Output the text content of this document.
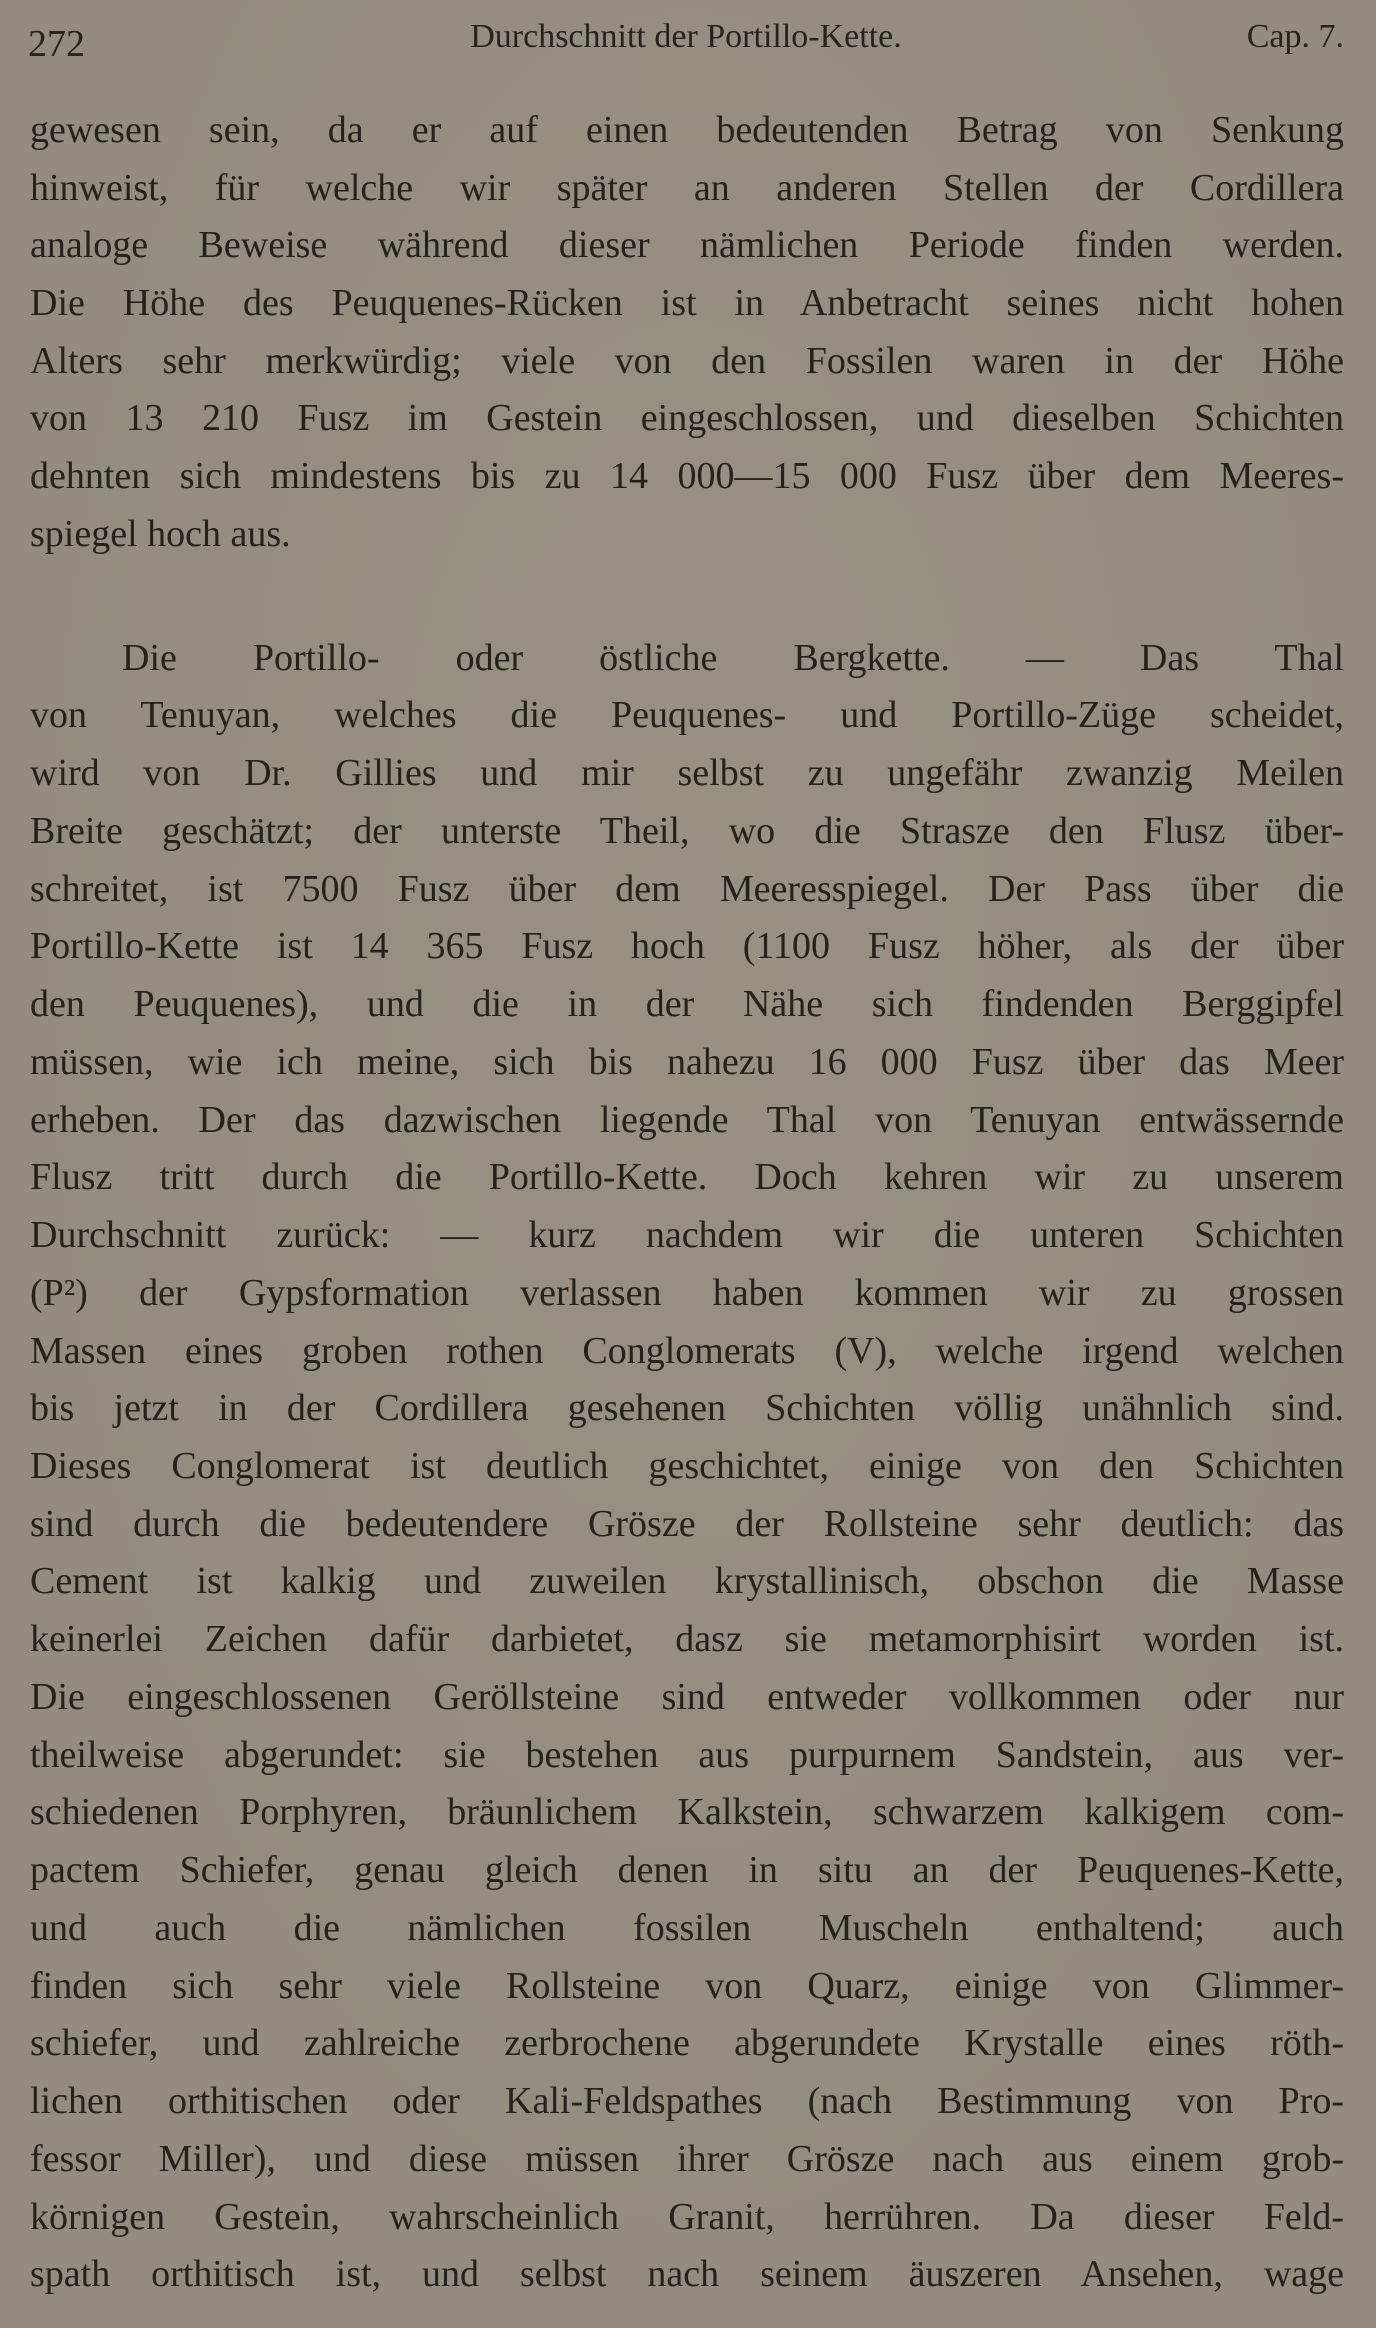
272	Durchschnitt der Portillo-Kette.	Cap. 7.
gewesen sein, da er auf einen bedeutenden Betrag von Senkung
hinweist, für welche wir später an anderen Stellen der Cordillera
analoge Beweise während dieser nämlichen Periode finden werden.
Die Höhe des Peuquenes-Rücken ist in Anbetracht seines nicht hohen
Alters sehr merkwürdig; viele von den Fossilen waren in der Höhe
von 13 210 Fusz im Gestein eingeschlossen, und dieselben Schichten
dehnten sich mindestens bis zu 14 000—15 000 Fusz über dem Meeres-
spiegel hoch aus.
Die Portillo- oder östliche Bergkette. — Das Thal
von Tenuyan, welches die Peuquenes- und Portillo-Züge scheidet,
wird von Dr. Gillies und mir selbst zu ungefähr zwanzig Meilen
Breite geschätzt; der unterste Theil, wo die Strasze den Flusz über-
schreitet, ist 7500 Fusz über dem Meeresspiegel. Der Pass über die
Portillo-Kette ist 14 365 Fusz hoch (1100 Fusz höher, als der über
den Peuquenes), und die in der Nähe sich findenden Berggipfel
müssen, wie ich meine, sich bis nahezu 16 000 Fusz über das Meer
erheben. Der das dazwischen liegende Thal von Tenuyan entwässernde
Flusz tritt durch die Portillo-Kette. Doch kehren wir zu unserem
Durchschnitt zurück: — kurz nachdem wir die unteren Schichten
(P²) der Gypsformation verlassen haben kommen wir zu grossen
Massen eines groben rothen Conglomerats (V), welche irgend welchen
bis jetzt in der Cordillera gesehenen Schichten völlig unähnlich sind.
Dieses Conglomerat ist deutlich geschichtet, einige von den Schichten
sind durch die bedeutendere Grösze der Rollsteine sehr deutlich: das
Cement ist kalkig und zuweilen krystallinisch, obschon die Masse
keinerlei Zeichen dafür darbietet, dasz sie metamorphisirt worden ist.
Die eingeschlossenen Geröllsteine sind entweder vollkommen oder nur
theilweise abgerundet: sie bestehen aus purpurnem Sandstein, aus ver-
schiedenen Porphyren, bräunlichem Kalkstein, schwarzem kalkigem com-
pactem Schiefer, genau gleich denen in situ an der Peuquenes-Kette,
und auch die nämlichen fossilen Muscheln enthaltend; auch
finden sich sehr viele Rollsteine von Quarz, einige von Glimmer-
schiefer, und zahlreiche zerbrochene abgerundete Krystalle eines röth-
lichen orthitischen oder Kali-Feldspathes (nach Bestimmung von Pro-
fessor Miller), und diese müssen ihrer Grösze nach aus einem grob-
körnigen Gestein, wahrscheinlich Granit, herrühren. Da dieser Feld-
spath orthitisch ist, und selbst nach seinem äuszeren Ansehen, wage
